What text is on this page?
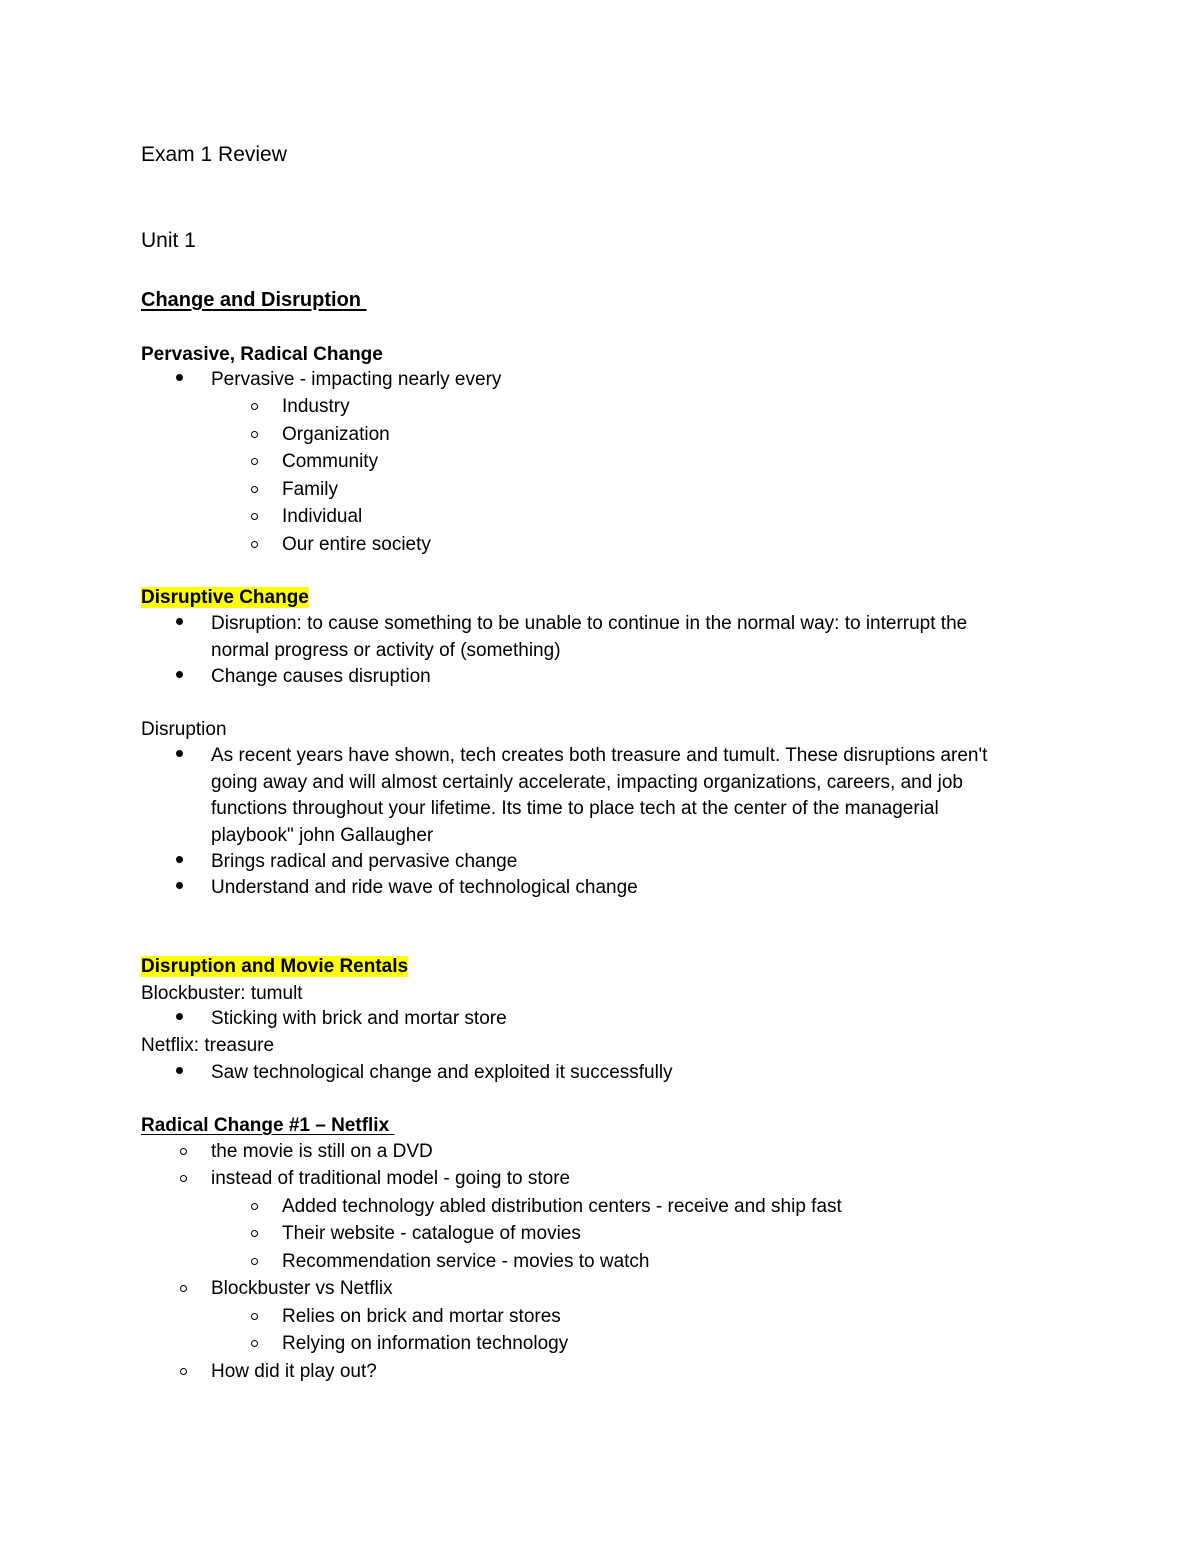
Exam 1 Review
Unit 1
Change and Disruption
Pervasive, Radical Change
Pervasive - impacting nearly every
Industry
Organization
Community
Family
Individual
Our entire society
Disruptive Change
Disruption: to cause something to be unable to continue in the normal way: to interrupt the
normal progress or activity of (something)
Change causes disruption
Disruption
As recent years have shown, tech creates both treasure and tumult. These disruptions aren't
going away and will almost certainly accelerate, impacting organizations, careers, and job
functions throughout your lifetime. Its time to place tech at the center of the managerial
playbook" john Gallaugher
Brings radical and pervasive change
Understand and ride wave of technological change
Disruption and Movie Rentals
Blockbuster: tumult
Sticking with brick and mortar store
Netflix: treasure
Saw technological change and exploited it successfully
Radical Change #1 – Netflix
the movie is still on a DVD
instead of traditional model - going to store
Added technology abled distribution centers - receive and ship fast
Their website - catalogue of movies
Recommendation service - movies to watch
Blockbuster vs Netflix
Relies on brick and mortar stores
Relying on information technology
How did it play out?
